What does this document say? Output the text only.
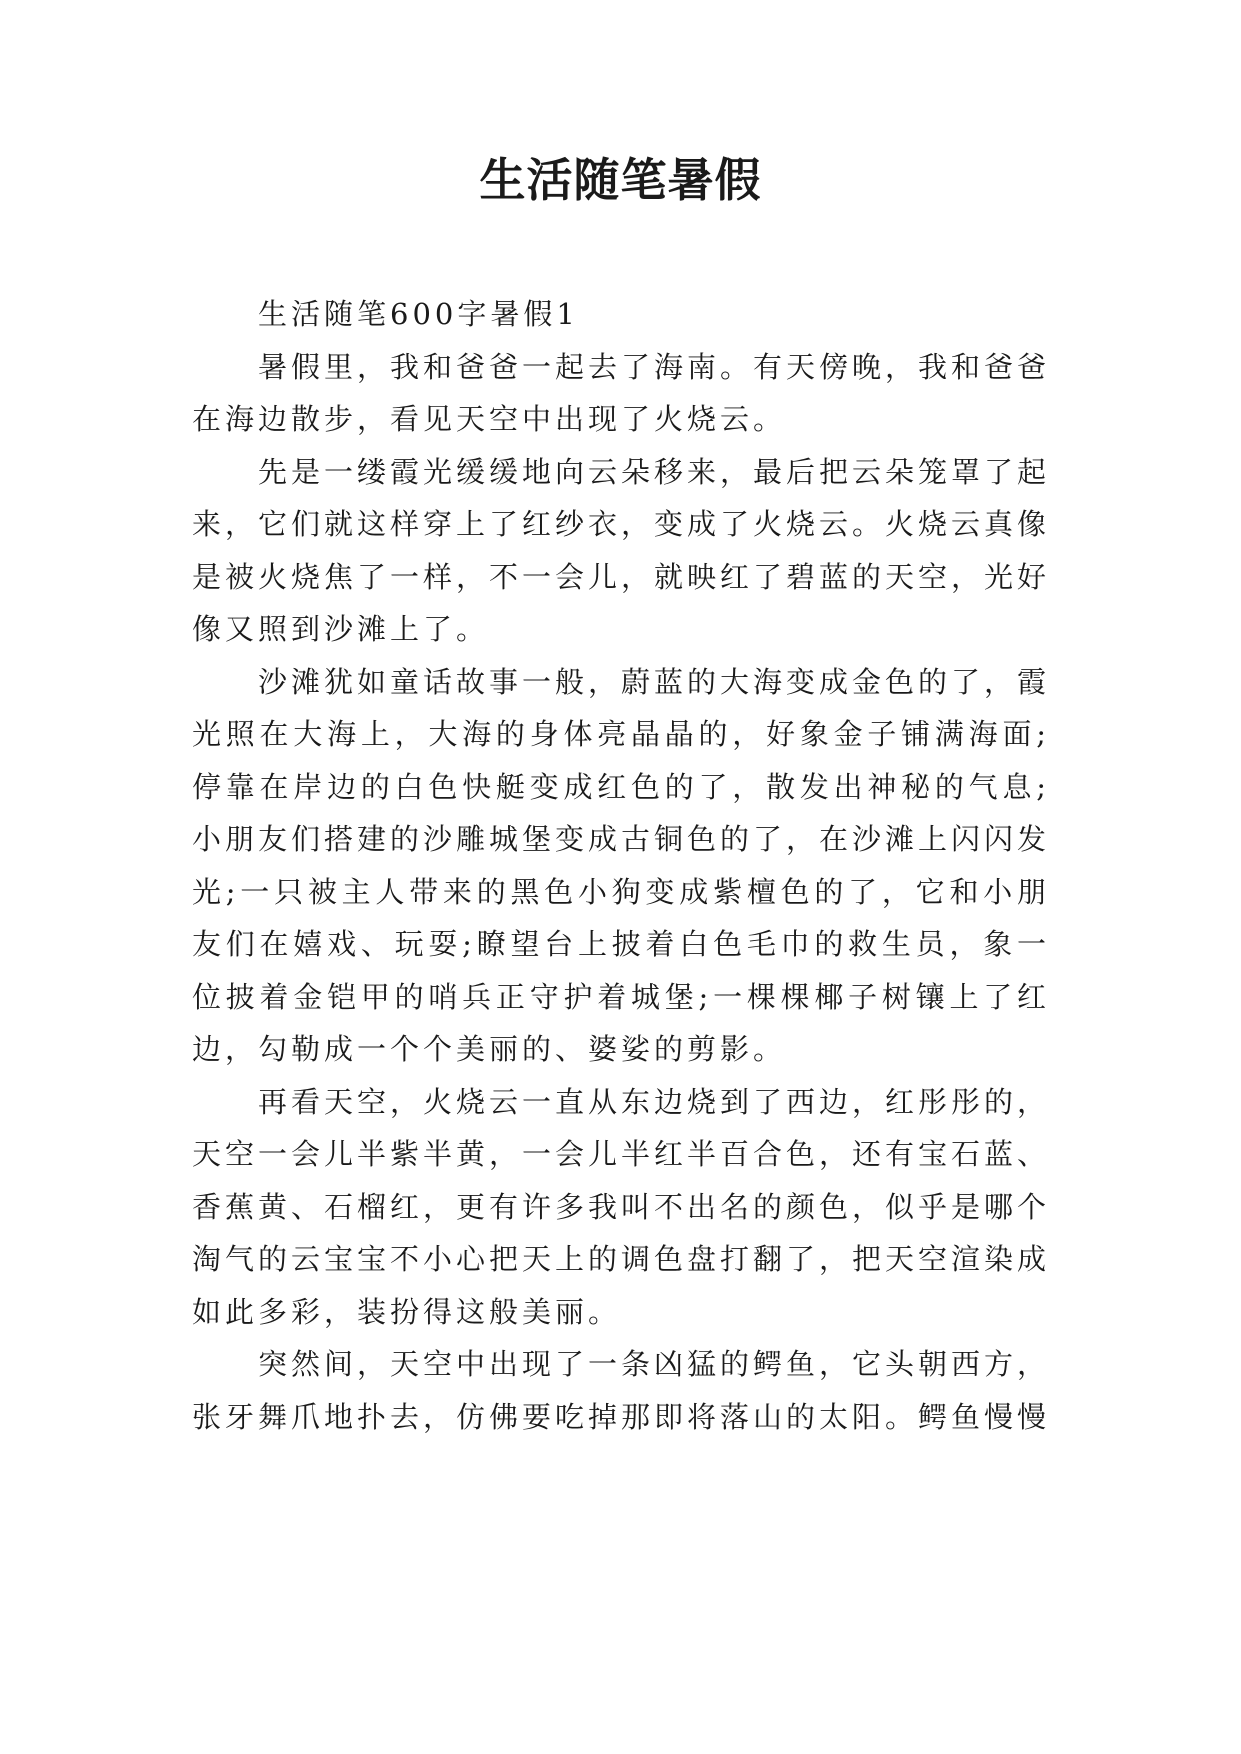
生活随笔暑假

生活随笔600字暑假1

暑假里，我和爸爸一起去了海南。有天傍晚，我和爸爸在海边散步，看见天空中出现了火烧云。

先是一缕霞光缓缓地向云朵移来，最后把云朵笼罩了起来，它们就这样穿上了红纱衣，变成了火烧云。火烧云真像是被火烧焦了一样，不一会儿，就映红了碧蓝的天空，光好像又照到沙滩上了。

沙滩犹如童话故事一般，蔚蓝的大海变成金色的了，霞光照在大海上，大海的身体亮晶晶的，好象金子铺满海面;停靠在岸边的白色快艇变成红色的了，散发出神秘的气息;小朋友们搭建的沙雕城堡变成古铜色的了，在沙滩上闪闪发光;一只被主人带来的黑色小狗变成紫檀色的了，它和小朋友们在嬉戏、玩耍;瞭望台上披着白色毛巾的救生员，象一位披着金铠甲的哨兵正守护着城堡;一棵棵椰子树镶上了红边，勾勒成一个个美丽的、婆娑的剪影。

再看天空，火烧云一直从东边烧到了西边，红彤彤的，天空一会儿半紫半黄，一会儿半红半百合色，还有宝石蓝、香蕉黄、石榴红，更有许多我叫不出名的颜色，似乎是哪个淘气的云宝宝不小心把天上的调色盘打翻了，把天空渲染成如此多彩，装扮得这般美丽。

突然间，天空中出现了一条凶猛的鳄鱼，它头朝西方，张牙舞爪地扑去，仿佛要吃掉那即将落山的太阳。鳄鱼慢慢
